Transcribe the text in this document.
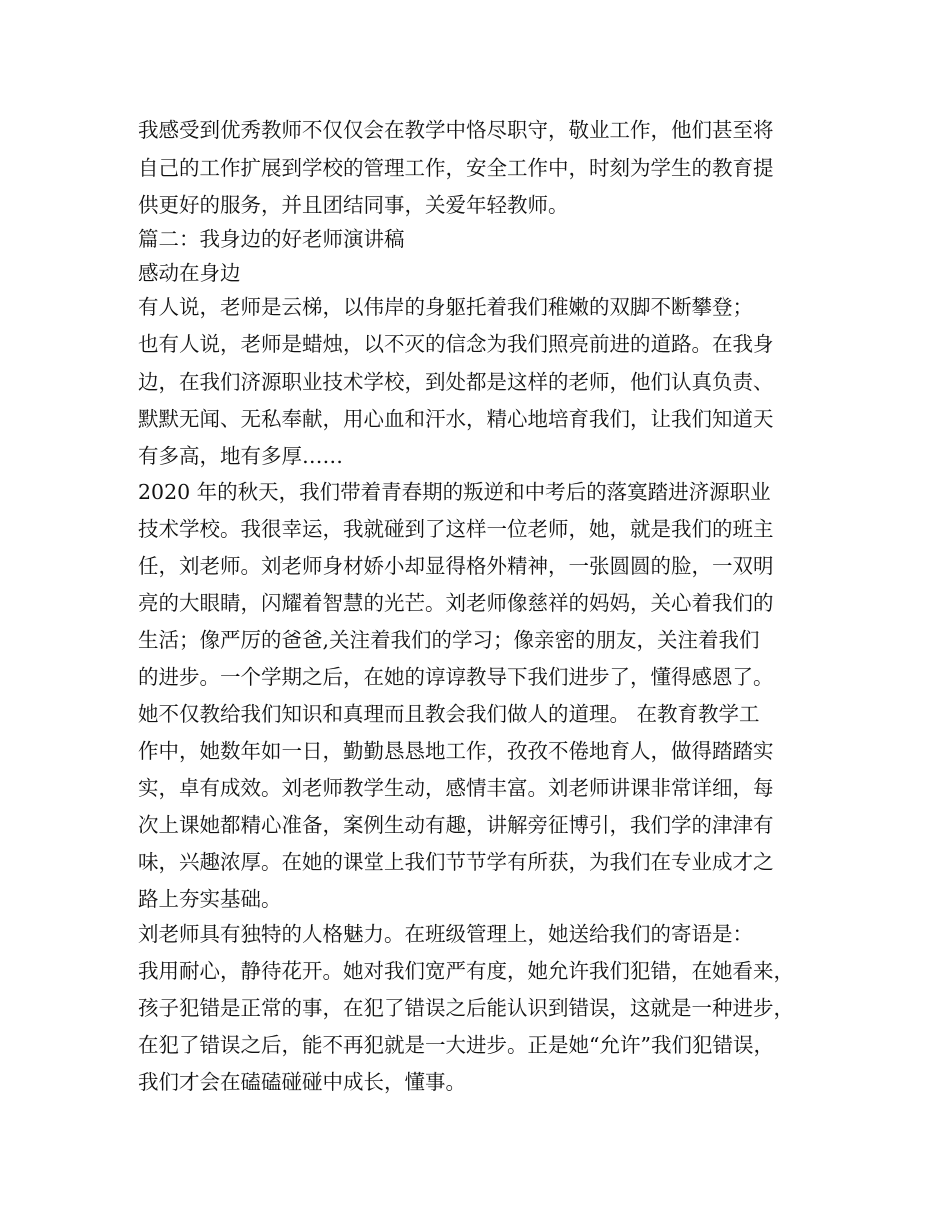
我感受到优秀教师不仅仅会在教学中恪尽职守，敬业工作，他们甚至将

自己的工作扩展到学校的管理工作，安全工作中，时刻为学生的教育提

供更好的服务，并且团结同事，关爱年轻教师。

篇二：我身边的好老师演讲稿

感动在身边

有人说，老师是云梯，以伟岸的身躯托着我们稚嫩的双脚不断攀登；

也有人说，老师是蜡烛，以不灭的信念为我们照亮前进的道路。在我身

边，在我们济源职业技术学校，到处都是这样的老师，他们认真负责、

默默无闻、无私奉献，用心血和汗水，精心地培育我们，让我们知道天

有多高，地有多厚……

2020 年的秋天，我们带着青春期的叛逆和中考后的落寞踏进济源职业

技术学校。我很幸运，我就碰到了这样一位老师，她，就是我们的班主

任，刘老师。刘老师身材娇小却显得格外精神，一张圆圆的脸，一双明

亮的大眼睛，闪耀着智慧的光芒。刘老师像慈祥的妈妈，关心着我们的

生活；像严厉的爸爸,关注着我们的学习；像亲密的朋友，关注着我们

的进步。一个学期之后，在她的谆谆教导下我们进步了，懂得感恩了。

她不仅教给我们知识和真理而且教会我们做人的道理。 在教育教学工

作中，她数年如一日，勤勤恳恳地工作，孜孜不倦地育人，做得踏踏实

实，卓有成效。刘老师教学生动，感情丰富。刘老师讲课非常详细，每

次上课她都精心准备，案例生动有趣，讲解旁征博引，我们学的津津有

味，兴趣浓厚。在她的课堂上我们节节学有所获，为我们在专业成才之

路上夯实基础。

刘老师具有独特的人格魅力。在班级管理上，她送给我们的寄语是：

我用耐心，静待花开。她对我们宽严有度，她允许我们犯错，在她看来，

孩子犯错是正常的事，在犯了错误之后能认识到错误，这就是一种进步，

在犯了错误之后，能不再犯就是一大进步。正是她“允许”我们犯错误，

我们才会在磕磕碰碰中成长，懂事。
